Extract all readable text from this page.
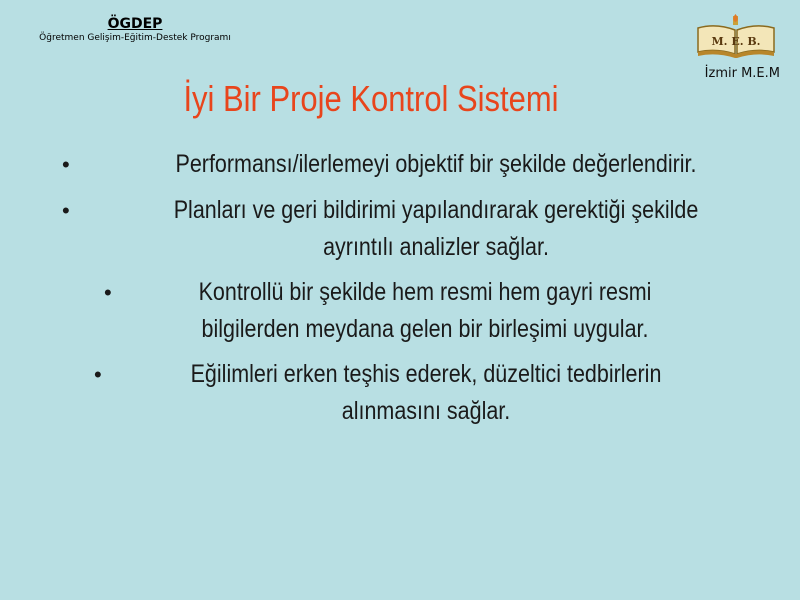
ÖGDEP
Öğretmen Gelişim-Eğitim-Destek Programı	M. E. B.
İzmir M.E.M
İyi Bir Proje Kontrol Sistemi
•	Performansı/ilerlemeyi objektif bir şekilde değerlendirir.
•	Planları ve geri bildirimi yapılandırarak gerektiği şekilde
ayrıntılı analizler sağlar.
•	Kontrollü bir şekilde hem resmi hem gayri resmi
bilgilerden meydana gelen bir birleşimi uygular.
•	Eğilimleri erken teşhis ederek, düzeltici tedbirlerin
alınmasını sağlar.
